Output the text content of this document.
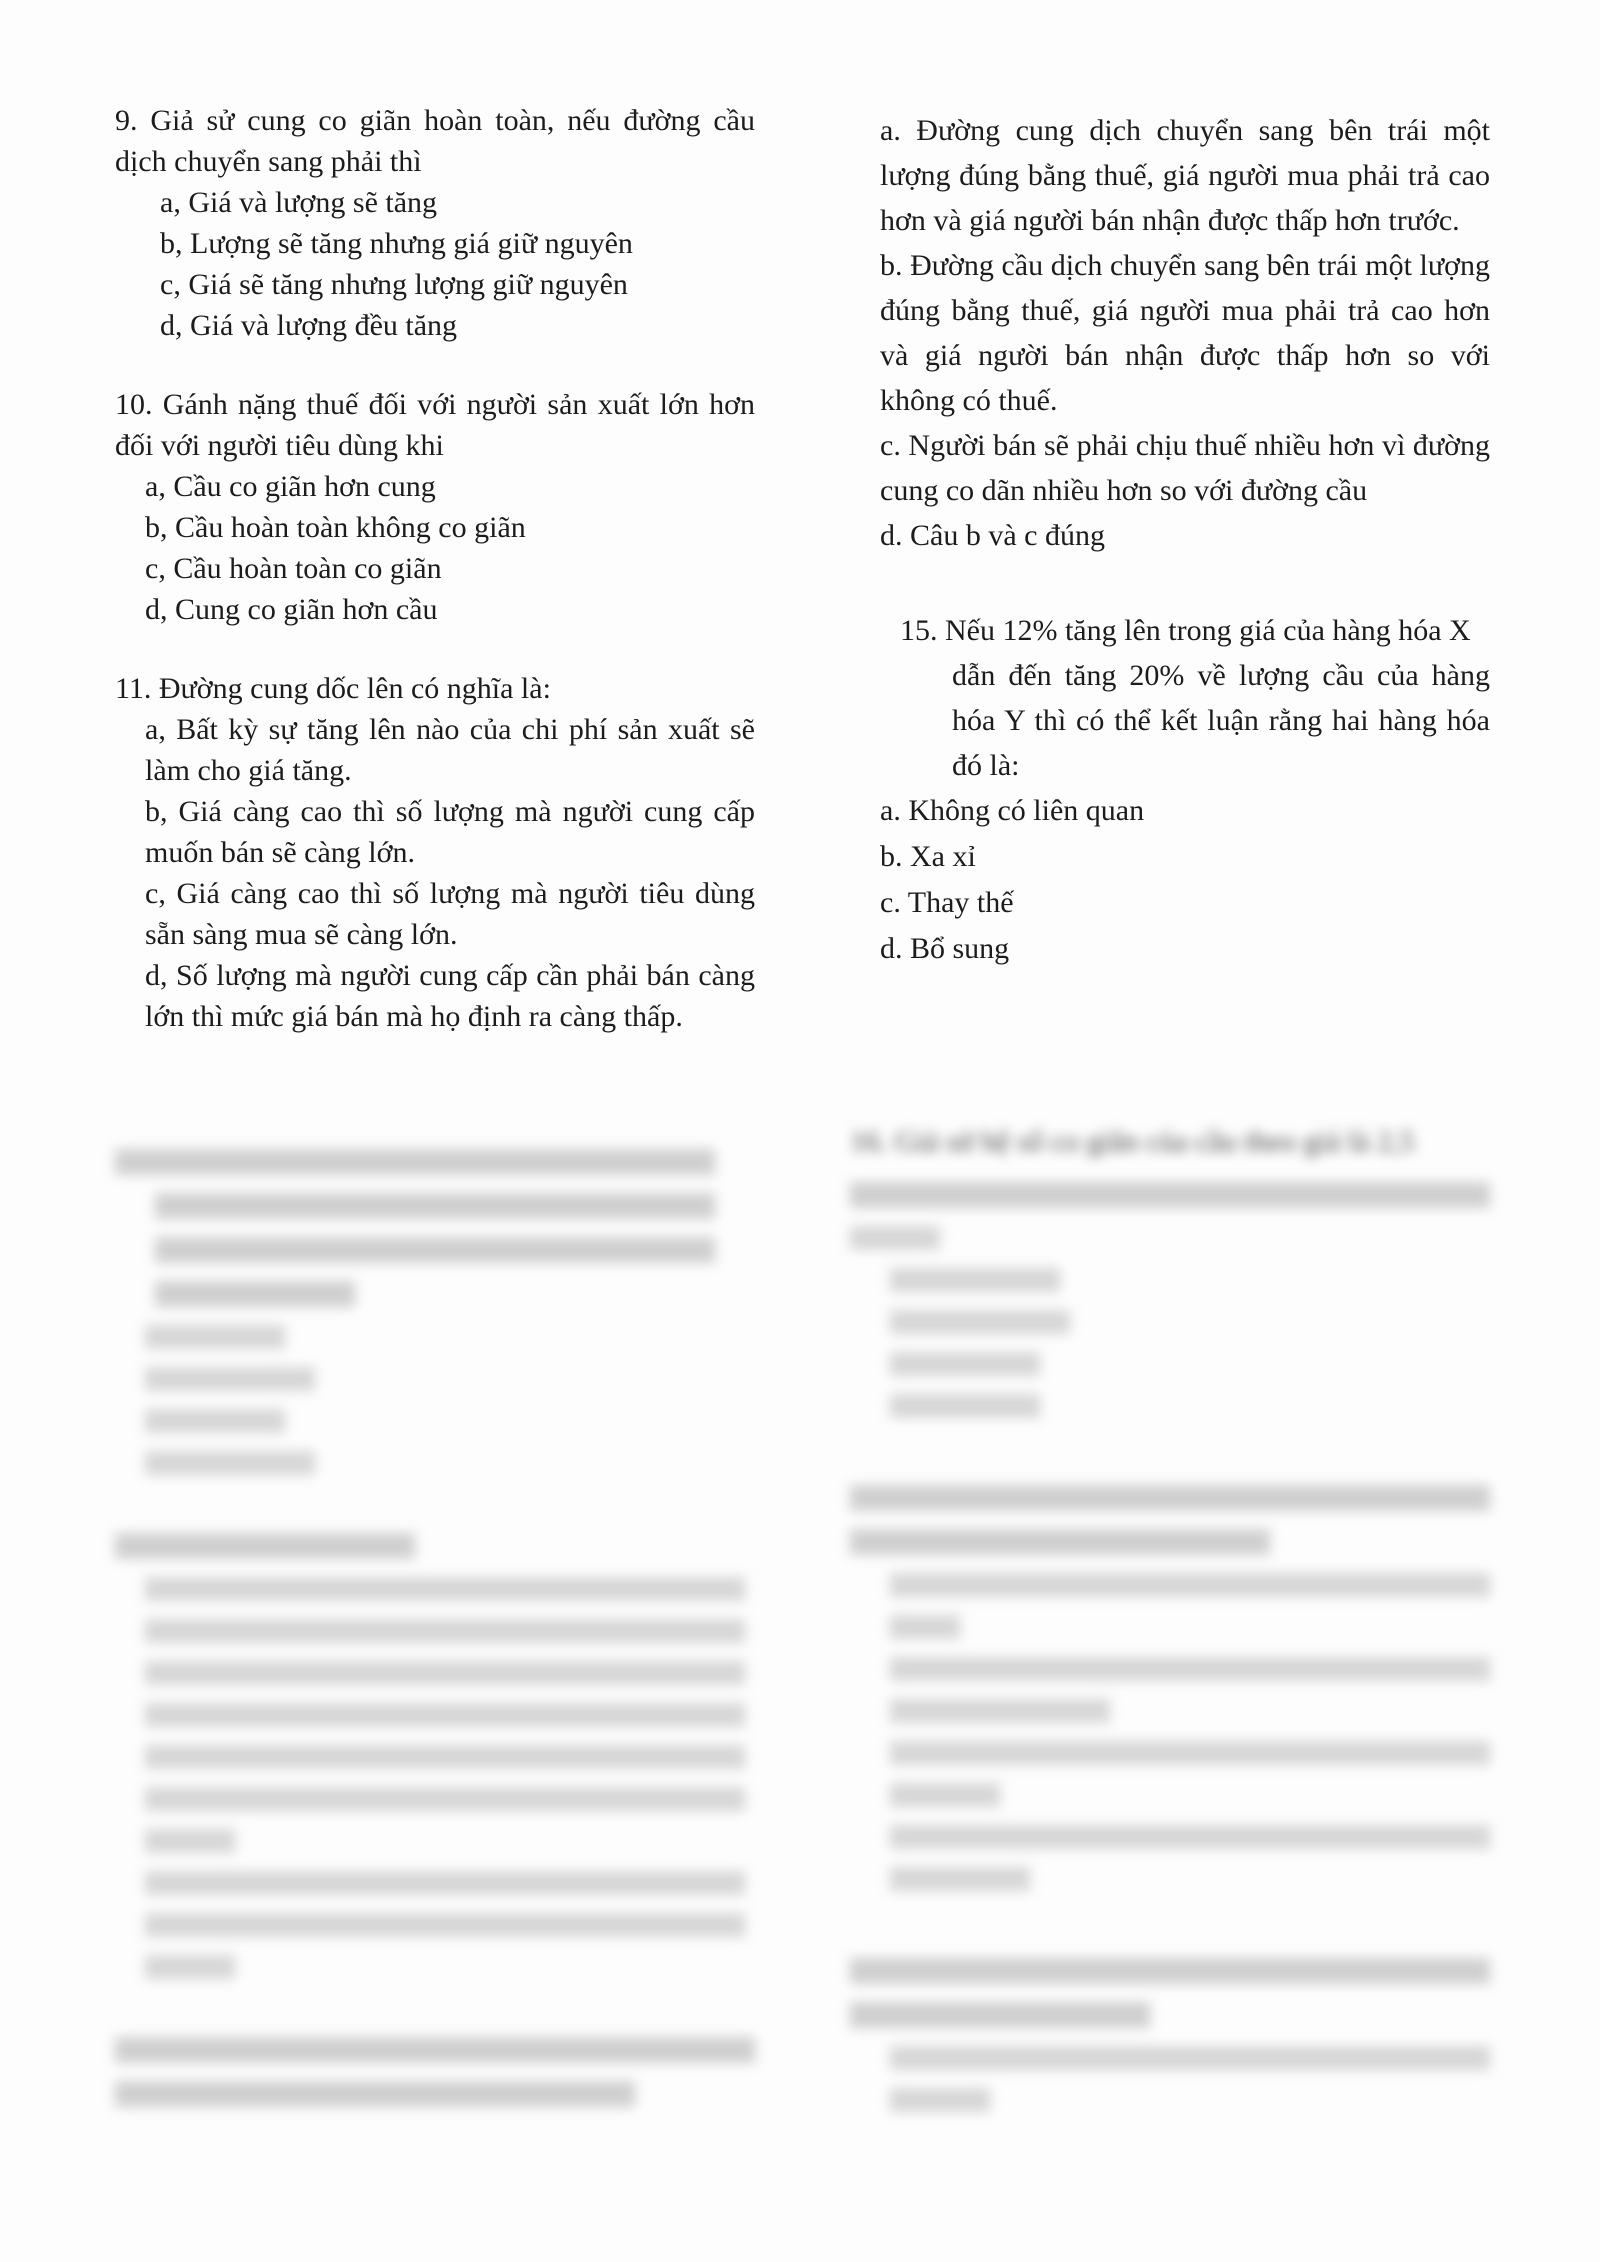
9. Giả sử cung co giãn hoàn toàn, nếu đường cầu dịch chuyển sang phải thì

a, Giá và lượng sẽ tăng

b, Lượng sẽ tăng nhưng giá giữ nguyên

c, Giá sẽ tăng nhưng lượng giữ nguyên

d, Giá và lượng đều tăng

10. Gánh nặng thuế đối với người sản xuất lớn hơn đối với người tiêu dùng khi

a, Cầu co giãn hơn cung

b, Cầu hoàn toàn không co giãn

c, Cầu hoàn toàn co giãn

d, Cung co giãn hơn cầu

11. Đường cung dốc lên có nghĩa là:

a, Bất kỳ sự tăng lên nào của chi phí sản xuất sẽ làm cho giá tăng.

b, Giá càng cao thì số lượng mà người cung cấp muốn bán sẽ càng lớn.

c, Giá càng cao thì số lượng mà người tiêu dùng sẵn sàng mua sẽ càng lớn.

d, Số lượng mà người cung cấp cần phải bán càng lớn thì mức giá bán mà họ định ra càng thấp.

a. Đường cung dịch chuyển sang bên trái một lượng đúng bằng thuế, giá người mua phải trả cao hơn và giá người bán nhận được thấp hơn trước.

b. Đường cầu dịch chuyển sang bên trái một lượng đúng bằng thuế, giá người mua phải trả cao hơn và giá người bán nhận được thấp hơn so với không có thuế.

c. Người bán sẽ phải chịu thuế nhiều hơn vì đường cung co dãn nhiều hơn so với đường cầu

d. Câu b và c đúng

15. Nếu 12% tăng lên trong giá của hàng hóa X
dẫn đến tăng 20% về lượng cầu của hàng hóa Y thì có thể kết luận rằng hai hàng hóa đó là:

a. Không có liên quan

b. Xa xỉ

c. Thay thế

d. Bổ sung

16. Giả sử hệ số co giãn của cầu theo giá là 2,5
